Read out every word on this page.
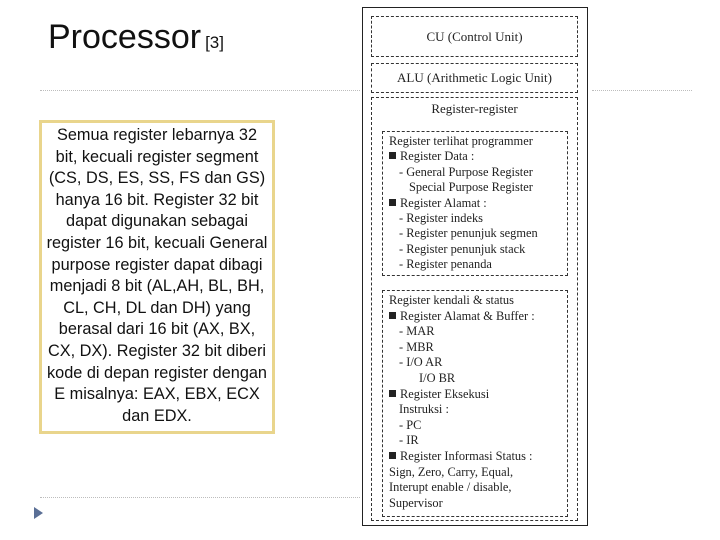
Processor [3]
Semua register lebarnya 32 bit, kecuali register segment (CS, DS, ES, SS, FS dan GS) hanya 16 bit. Register 32 bit dapat digunakan sebagai register 16 bit, kecuali General purpose register dapat dibagi menjadi 8 bit (AL,AH, BL, BH, CL, CH, DL dan DH) yang berasal dari 16 bit (AX, BX, CX, DX). Register 32 bit diberi kode di depan register dengan E misalnya: EAX, EBX, ECX dan EDX.
CU (Control Unit)
ALU (Arithmetic Logic Unit)
Register-register
Register terlihat programmer
Register Data :
- General Purpose Register
Special Purpose Register
Register Alamat :
- Register indeks
- Register penunjuk segmen
- Register penunjuk stack
- Register penanda
Register kendali & status
Register Alamat & Buffer :
- MAR
- MBR
- I/O AR
I/O BR
Register Eksekusi
Instruksi :
- PC
- IR
Register Informasi Status :
Sign, Zero, Carry, Equal,
Interupt enable / disable,
Supervisor
